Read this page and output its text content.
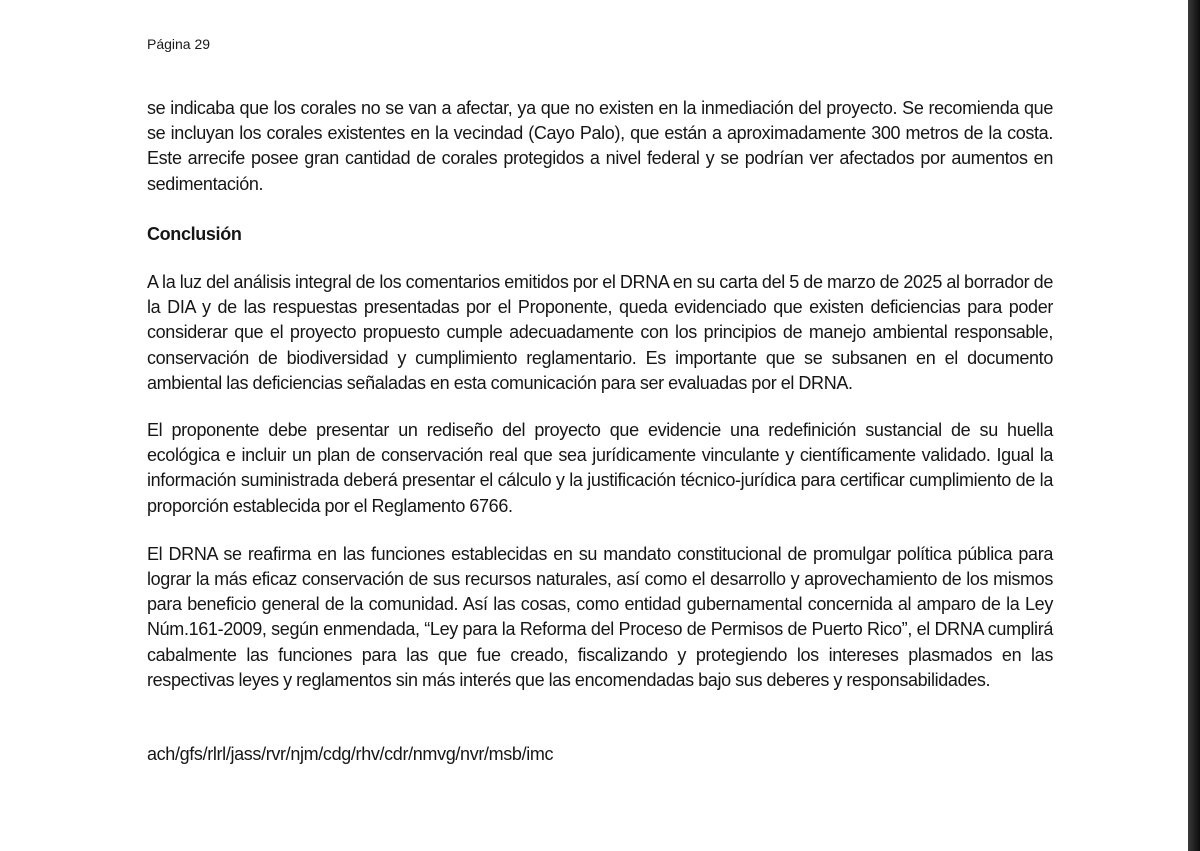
Página 29

se indicaba que los corales no se van a afectar, ya que no existen en la inmediación del proyecto. Se recomienda que se incluyan los corales existentes en la vecindad (Cayo Palo), que están a aproximadamente 300 metros de la costa. Este arrecife posee gran cantidad de corales protegidos a nivel federal y se podrían ver afectados por aumentos en sedimentación.

Conclusión

A la luz del análisis integral de los comentarios emitidos por el DRNA en su carta del 5 de marzo de 2025 al borrador de la DIA y de las respuestas presentadas por el Proponente, queda evidenciado que existen deficiencias para poder considerar que el proyecto propuesto cumple adecuadamente con los principios de manejo ambiental responsable, conservación de biodiversidad y cumplimiento reglamentario. Es importante que se subsanen en el documento ambiental las deficiencias señaladas en esta comunicación para ser evaluadas por el DRNA.

El proponente debe presentar un rediseño del proyecto que evidencie una redefinición sustancial de su huella ecológica e incluir un plan de conservación real que sea jurídicamente vinculante y científicamente validado. Igual la información suministrada deberá presentar el cálculo y la justificación técnico-jurídica para certificar cumplimiento de la proporción establecida por el Reglamento 6766.

El DRNA se reafirma en las funciones establecidas en su mandato constitucional de promulgar política pública para lograr la más eficaz conservación de sus recursos naturales, así como el desarrollo y aprovechamiento de los mismos para beneficio general de la comunidad. Así las cosas, como entidad gubernamental concernida al amparo de la Ley Núm.161-2009, según enmendada, “Ley para la Reforma del Proceso de Permisos de Puerto Rico”, el DRNA cumplirá cabalmente las funciones para las que fue creado, fiscalizando y protegiendo los intereses plasmados en las respectivas leyes y reglamentos sin más interés que las encomendadas bajo sus deberes y responsabilidades.

ach/gfs/rlrl/jass/rvr/njm/cdg/rhv/cdr/nmvg/nvr/msb/imc
